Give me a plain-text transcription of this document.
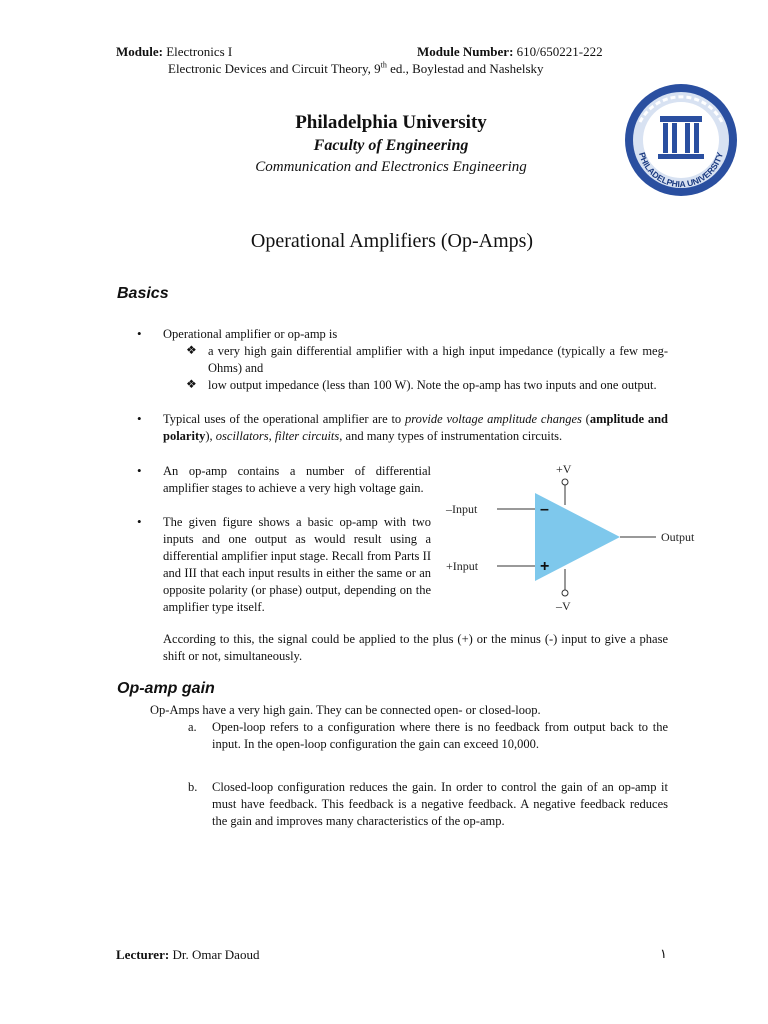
Module: Electronics I	Module Number: 610/650221-222
Electronic Devices and Circuit Theory, 9th ed., Boylestad and Nashelsky
Philadelphia University
Faculty of Engineering
Communication and Electronics Engineering
PHILADELPHIA UNIVERSITY
Operational Amplifiers (Op-Amps)
Basics
• Operational amplifier or op-amp is
❖ a very high gain differential amplifier with a high input impedance (typically a few meg-Ohms) and
❖ low output impedance (less than 100 W). Note the op-amp has two inputs and one output.
• Typical uses of the operational amplifier are to provide voltage amplitude changes (amplitude and polarity), oscillators, filter circuits, and many types of instrumentation circuits.
• An op-amp contains a number of differential amplifier stages to achieve a very high voltage gain.
• The given figure shows a basic op-amp with two inputs and one output as would result using a differential amplifier input stage. Recall from Parts II and III that each input results in either the same or an opposite polarity (or phase) output, depending on the amplifier type itself.
According to this, the signal could be applied to the plus (+) or the minus (-) input to give a phase shift or not, simultaneously.
+V
–V
–Input
+Input
Output
–
+
Op-amp gain
Op-Amps have a very high gain. They can be connected open- or closed-loop.
a. Open-loop refers to a configuration where there is no feedback from output back to the input. In the open-loop configuration the gain can exceed 10,000.
b. Closed-loop configuration reduces the gain. In order to control the gain of an op-amp it must have feedback. This feedback is a negative feedback. A negative feedback reduces the gain and improves many characteristics of the op-amp.
Lecturer: Dr. Omar Daoud	١
